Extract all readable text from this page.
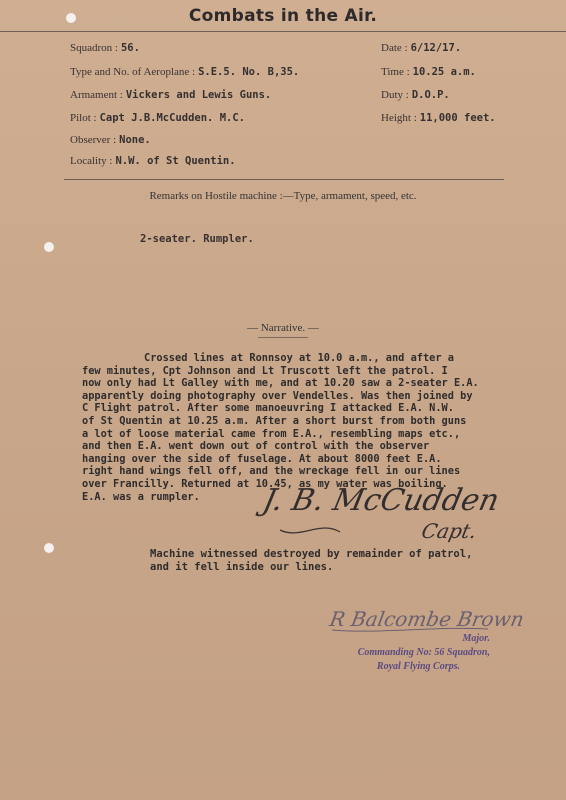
Combats in the Air.
Squadron : 56.
Type and No. of Aeroplane : S.E.5. No. B,35.
Armament : Vickers and Lewis Guns.
Pilot : Capt J.B.McCudden. M.C.
Observer : None.
Locality : N.W. of St Quentin.
Date : 6/12/17.
Time : 10.25 a.m.
Duty : D.O.P.
Height : 11,000 feet.
Remarks on Hostile machine :—Type, armament, speed, etc.
2-seater. Rumpler.
— Narrative. —
Crossed lines at Ronnsoy at 10.0 a.m., and after a
few minutes, Cpt Johnson and Lt Truscott left the patrol. I
now only had Lt Galley with me, and at 10.20 saw a 2-seater E.A.
apparently doing photography over Vendelles. Was then joined by
C Flight patrol. After some manoeuvring I attacked E.A. N.W.
of St Quentin at 10.25 a.m. After a short burst from both guns
a lot of loose material came from E.A., resembling maps etc.,
and then E.A. went down out of control with the observer
hanging over the side of fuselage. At about 8000 feet E.A.
right hand wings fell off, and the wreckage fell in our lines
over Francilly. Returned at 10.45, as my water was boiling.
E.A. was a rumpler.	J. B. McCudden
Capt.
Machine witnessed destroyed by remainder of patrol,
and it fell inside our lines.
R Balcombe Brown
Major.
Commanding No: 56 Squadron,
Royal Flying Corps.
